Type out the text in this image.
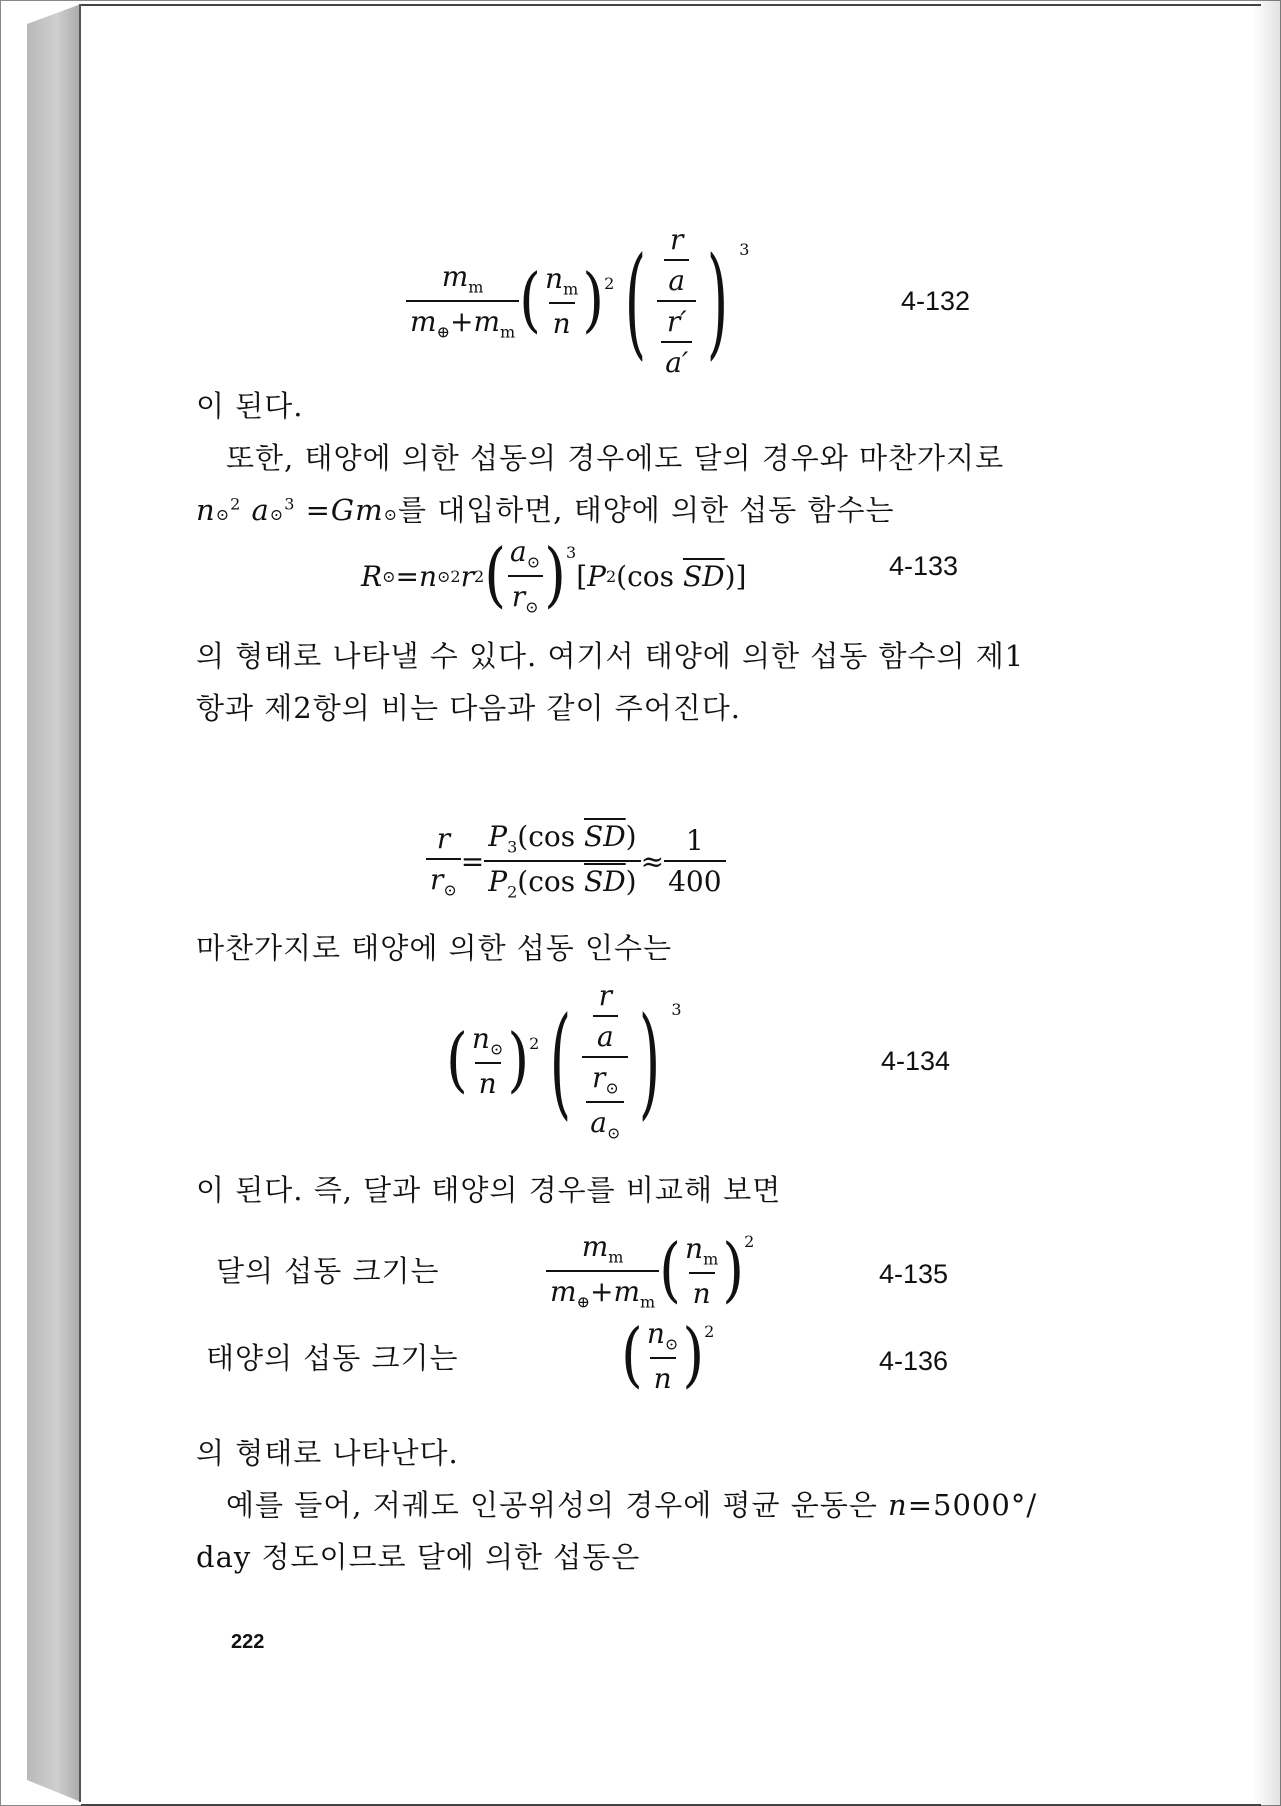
$\frac{m_m}{m_\oplus+m_m}$ ( $\frac{n_m}{n}$ ) 2 ( $\frac{\frac{r}{a}}{\frac{r'}{a'}}$ ) 3
4-132
이 된다.
또한, 태양에 의한 섭동의 경우에도 달의 경우와 마찬가지로
n⊙$^2$ a⊙$^3$ =Gm⊙를 대입하면, 태양에 의한 섭동 함수는
R ⊙ = n ⊙ 2 r 2 ( $\frac{a_⊙}{r_⊙}$ ) 3
[ P 2 ( cos
$\overline{SD}$ ) ]	4-133
의 형태로 나타낼 수 있다. 여기서 태양에 의한 섭동 함수의 제1
항과 제2항의 비는 다음과 같이 주어진다.
$\frac{r}{r_⊙} = \frac{P_3(\cos \overline{SD})}{P_2(\cos \overline{SD})} \approx \frac{1}{400}$
마찬가지로 태양에 의한 섭동 인수는
( $\frac{n_⊙}{n}$ ) 2 ( $\frac{\frac{r}{a}}{\frac{r_⊙}{a_⊙}}$ ) 3
4-134
이 된다. 즉, 달과 태양의 경우를 비교해 보면
달의 섭동 크기는	$\frac{m_m}{m_\oplus+m_m}$ ( $\frac{n_m}{n}$ ) 2
4-135
태양의 섭동 크기는	( $\frac{n_⊙}{n}$ ) 2
4-136
의 형태로 나타난다.
예를 들어, 저궤도 인공위성의 경우에 평균 운동은 n=5000°/
day 정도이므로 달에 의한 섭동은
222
